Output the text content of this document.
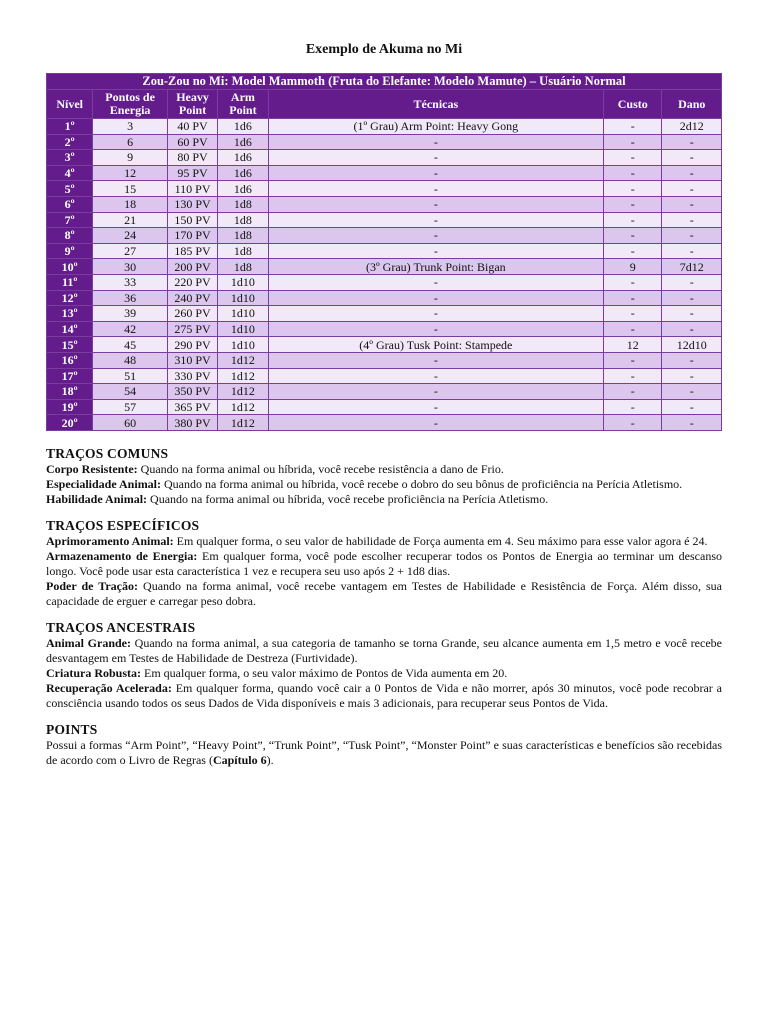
Exemplo de Akuma no Mi
Zou-Zou no Mi: Model Mammoth (Fruta do Elefante: Modelo Mamute) – Usuário Normal						
Nível	Pontos de Energia	Heavy Point	Arm Point	Técnicas	Custo	Dano
1º	3	40 PV	1d6	(1º Grau) Arm Point: Heavy Gong	-	2d12
2º	6	60 PV	1d6	-	-	-
3º	9	80 PV	1d6	-	-	-
4º	12	95 PV	1d6	-	-	-
5º	15	110 PV	1d6	-	-	-
6º	18	130 PV	1d8	-	-	-
7º	21	150 PV	1d8	-	-	-
8º	24	170 PV	1d8	-	-	-
9º	27	185 PV	1d8	-	-	-
10º	30	200 PV	1d8	(3º Grau) Trunk Point: Bigan	9	7d12
11º	33	220 PV	1d10	-	-	-
12º	36	240 PV	1d10	-	-	-
13º	39	260 PV	1d10	-	-	-
14º	42	275 PV	1d10	-	-	-
15º	45	290 PV	1d10	(4º Grau) Tusk Point: Stampede	12	12d10
16º	48	310 PV	1d12	-	-	-
17º	51	330 PV	1d12	-	-	-
18º	54	350 PV	1d12	-	-	-
19º	57	365 PV	1d12	-	-	-
20º	60	380 PV	1d12	-	-	-
TRAÇOS COMUNS

Corpo Resistente: Quando na forma animal ou híbrida, você recebe resistência a dano de Frio.

Especialidade Animal: Quando na forma animal ou híbrida, você recebe o dobro do seu bônus de proficiência na Perícia Atletismo.

Habilidade Animal: Quando na forma animal ou híbrida, você recebe proficiência na Perícia Atletismo.

TRAÇOS ESPECÍFICOS

Aprimoramento Animal: Em qualquer forma, o seu valor de habilidade de Força aumenta em 4. Seu máximo para esse valor agora é 24.

Armazenamento de Energia: Em qualquer forma, você pode escolher recuperar todos os Pontos de Energia ao terminar um descanso longo. Você pode usar esta característica 1 vez e recupera seu uso após 2 + 1d8 dias.

Poder de Tração: Quando na forma animal, você recebe vantagem em Testes de Habilidade e Resistência de Força. Além disso, sua capacidade de erguer e carregar peso dobra.

TRAÇOS ANCESTRAIS

Animal Grande: Quando na forma animal, a sua categoria de tamanho se torna Grande, seu alcance aumenta em 1,5 metro e você recebe desvantagem em Testes de Habilidade de Destreza (Furtividade).

Criatura Robusta: Em qualquer forma, o seu valor máximo de Pontos de Vida aumenta em 20.

Recuperação Acelerada: Em qualquer forma, quando você cair a 0 Pontos de Vida e não morrer, após 30 minutos, você pode recobrar a consciência usando todos os seus Dados de Vida disponíveis e mais 3 adicionais, para recuperar seus Pontos de Vida.

POINTS

Possui a formas “Arm Point”, “Heavy Point”, “Trunk Point”, “Tusk Point”, “Monster Point” e suas características e benefícios são recebidas de acordo com o Livro de Regras (Capítulo 6).
